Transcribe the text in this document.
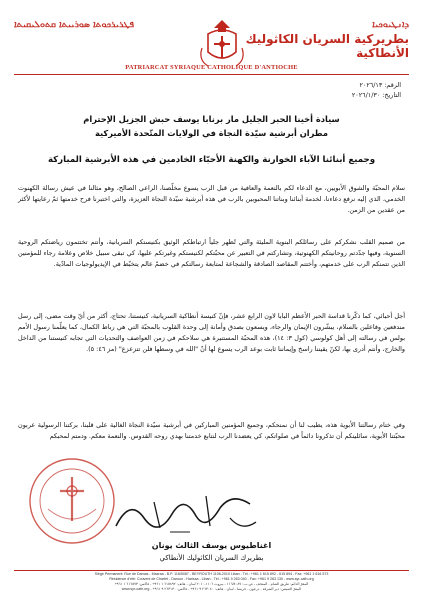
ܦܛܪܝܪܟܘܬܐ ܣܘܪܝܝܬܐ ܩܬܘܠܝܩܝܬܐ	ܕܐܢܛܝܘܟܝܐ
بطريركية السريان الكاثوليك الأنطاكية
PATRIARCAT SYRIAQUE CATHOLIQUE D'ANTIOCHE
الرقم: ٢٠٢٦/١٣
التاريخ: ٢٠٢٦/١/٣٠
سيادة أخينا الحبر الجليل مار برنابا يوسف حبش الجزيل الإحترام
مطران أبرشية سيّدة النجاة في الولايات المتّحدة الأميركية
وجميع أبنائنا الآباء الخوارنة والكهنة الأحبّاء الخادمين في هذه الأبرشية المباركة
سلام المحبّة والشوق الأبويين، مع الدعاء لكم بالنعمة والعافية من قبل الرب يسوع مخلّصنا، الراعي الصالح، وهو مثالنا في عيش رسالة الكهنوت الخدمي، الذي إليه نرفع دعاءنا، لخدمة أبنائنا وبناتنا المحبوبين بالرب في هذه أبرشية سيّدة النجاة العزيزة، والتي اختبرنا فرح خدمتها ثمّ رعايتها لأكثر من عقدين من الزمن.
من صميم القلب نشكركم على رسائلكم البنوية المليئة والتي تُظهر جلياً ارتباطكم الوثيق بكنيستكم السريانية، وأنتم تختتمون رياضتكم الروحية السنوية، وفيها جدّدتم روحانيتكم الكهنوتية، وتشاركتم في التعبير عن محبّتكم لكنيستكم وغيرتكم عليها، كي تبقى سبيل خلاص وعلامة رجاء للمؤمنين الذين تتمنكم الرب على خدمتهم، وأختتم المقاصد الصادقة والشجاعة لمتابعة رسالتكم في خضمّ عالم يتخبّط في الإيديولوجيات المادّية.
أجل أحبائي، كما ذكّرنا قداسة الحبر الأعظم البابا لاون الرابع عشر، فإنّ كنيسة أنطاكية السريانية، كنيستنا، تحتاج، أكثر من أيّ وقت مضى، إلى رسل مندفعين وفاعلين بالسلام، يبشّرون الإيمان والرجاء، ويسعون بصدق وأمانة إلى وحدة القلوب بالمحبّة التي هي رباط الكمال، كما يعلّمنا رسول الأمم بولس في رسالته إلى أهل كولوسي (كول ٣: ١٤)، هذه المحبّة المستنيرة هي سلاحكم في زمن العواصف والتحديات التي تجابه كنيستنا من الداخل والخارج، وأنتم أدرى بها، لكنّ يقيننا راسخ وإيماننا ثابت بوعد الرب يسوع لها أنّ "الله في وسطها فلن تتزعزع" (مز ٤٦: ٥).
وفي ختام رسالتنا الأبوية هذه، يطيب لنا أن نمنحكم، وجميع المؤمنين المباركين في أبرشية سيّدة النجاة الغالية على قلبنا، بركتنا الرسولية عربون محبّتنا الأبوية، سائلينكم أن تذكرونا دائماً في صلواتكم، كي يعضدنا الرب لنتابع خدمتنا بهدي روحه القدوس. والنعمة معكم. ودمتم لمحبكم
اغناطيوس يوسف الثالث يونان
بطريرك السريان الكاثوليك الأنطاكي
Siège Permanent: Rue de Damas - Mazraa - B.P. 116/5087 - BEYROUTH 1106-2010 Liban - Tél.: +961 1 615 892 - 615 894 - Fax: +961 1 616 573
Résidence d'été: Couvent de Charfet - Daroun - Harissa - Liban - Tél.: +961 9 263 040 - Fax: +961 9 263 130 - www.syr-cath.org
المقرّ الدائم: طريق الشام - المتحف - ص.ب.: ١١٦/٥٠٨٧ - بيروت ١١٠٦-٢٠١٠ لبنان - هاتف: ٦١٥٨٩٢ ١ ٩٦١+ - فاكس: ٦١٦٥٧٣ ١ ٩٦١+
المقرّ الصيفي: دير الشرفة - درعون - حريصا - لبنان - هاتف: ٢٦٣٠٤٠ ٩ ٩٦١+ - فاكس: ٢٦٣١٣٠ ٩ ٩٦١+ - www.syr-cath.org
